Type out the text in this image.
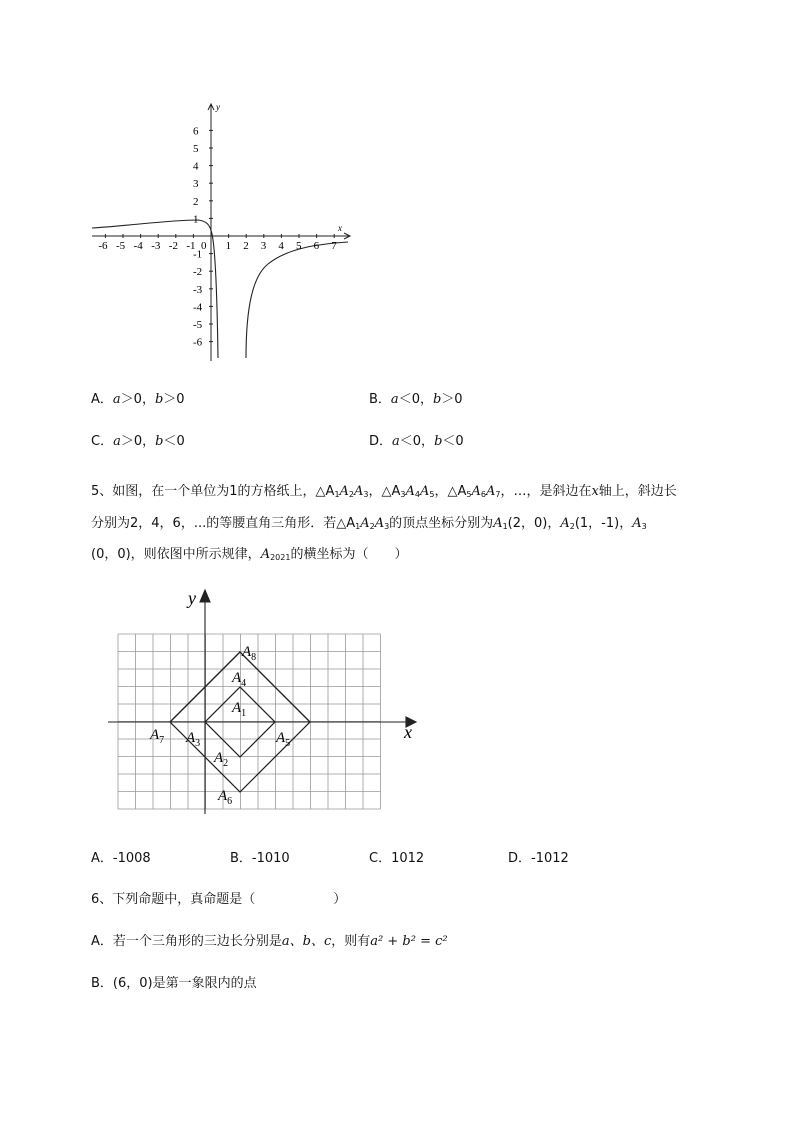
y
x
6
5
4
3
2
1
-1
-2
-3
-4
-5
-6
-6 -5 -4 -3 -2 -1	1 2 3 4 5 6 7
0
A．a＞0，b＞0	B．a＜0，b＞0
C．a＞0，b＜0	D．a＜0，b＜0
5、如图，在一个单位为1的方格纸上，$\triangle A_1A_2A_3$，$\triangle A_3A_4A_5$，$\triangle A_5A_6A_7$，…，是斜边在x轴上，斜边长
分别为2，4，6，...的等腰直角三角形．若$\triangle A_1A_2A_3$的顶点坐标分别为$A_1(2$，0)，$A_2(1$，-1)，$A_3$
(0，0)，则依图中所示规律，$A_{2021}$的横坐标为（　　）
y
x
$A_1$
$A_2$
$A_3$
$A_4$
$A_5$
$A_6$
$A_7$
$A_8$
A．-1008	B．-1010	C．1012	D．-1012
6、下列命题中，真命题是（　　　　　　）
A．若一个三角形的三边长分别是a、b、c，则有a² + b² = c²
B．(6，0)是第一象限内的点
